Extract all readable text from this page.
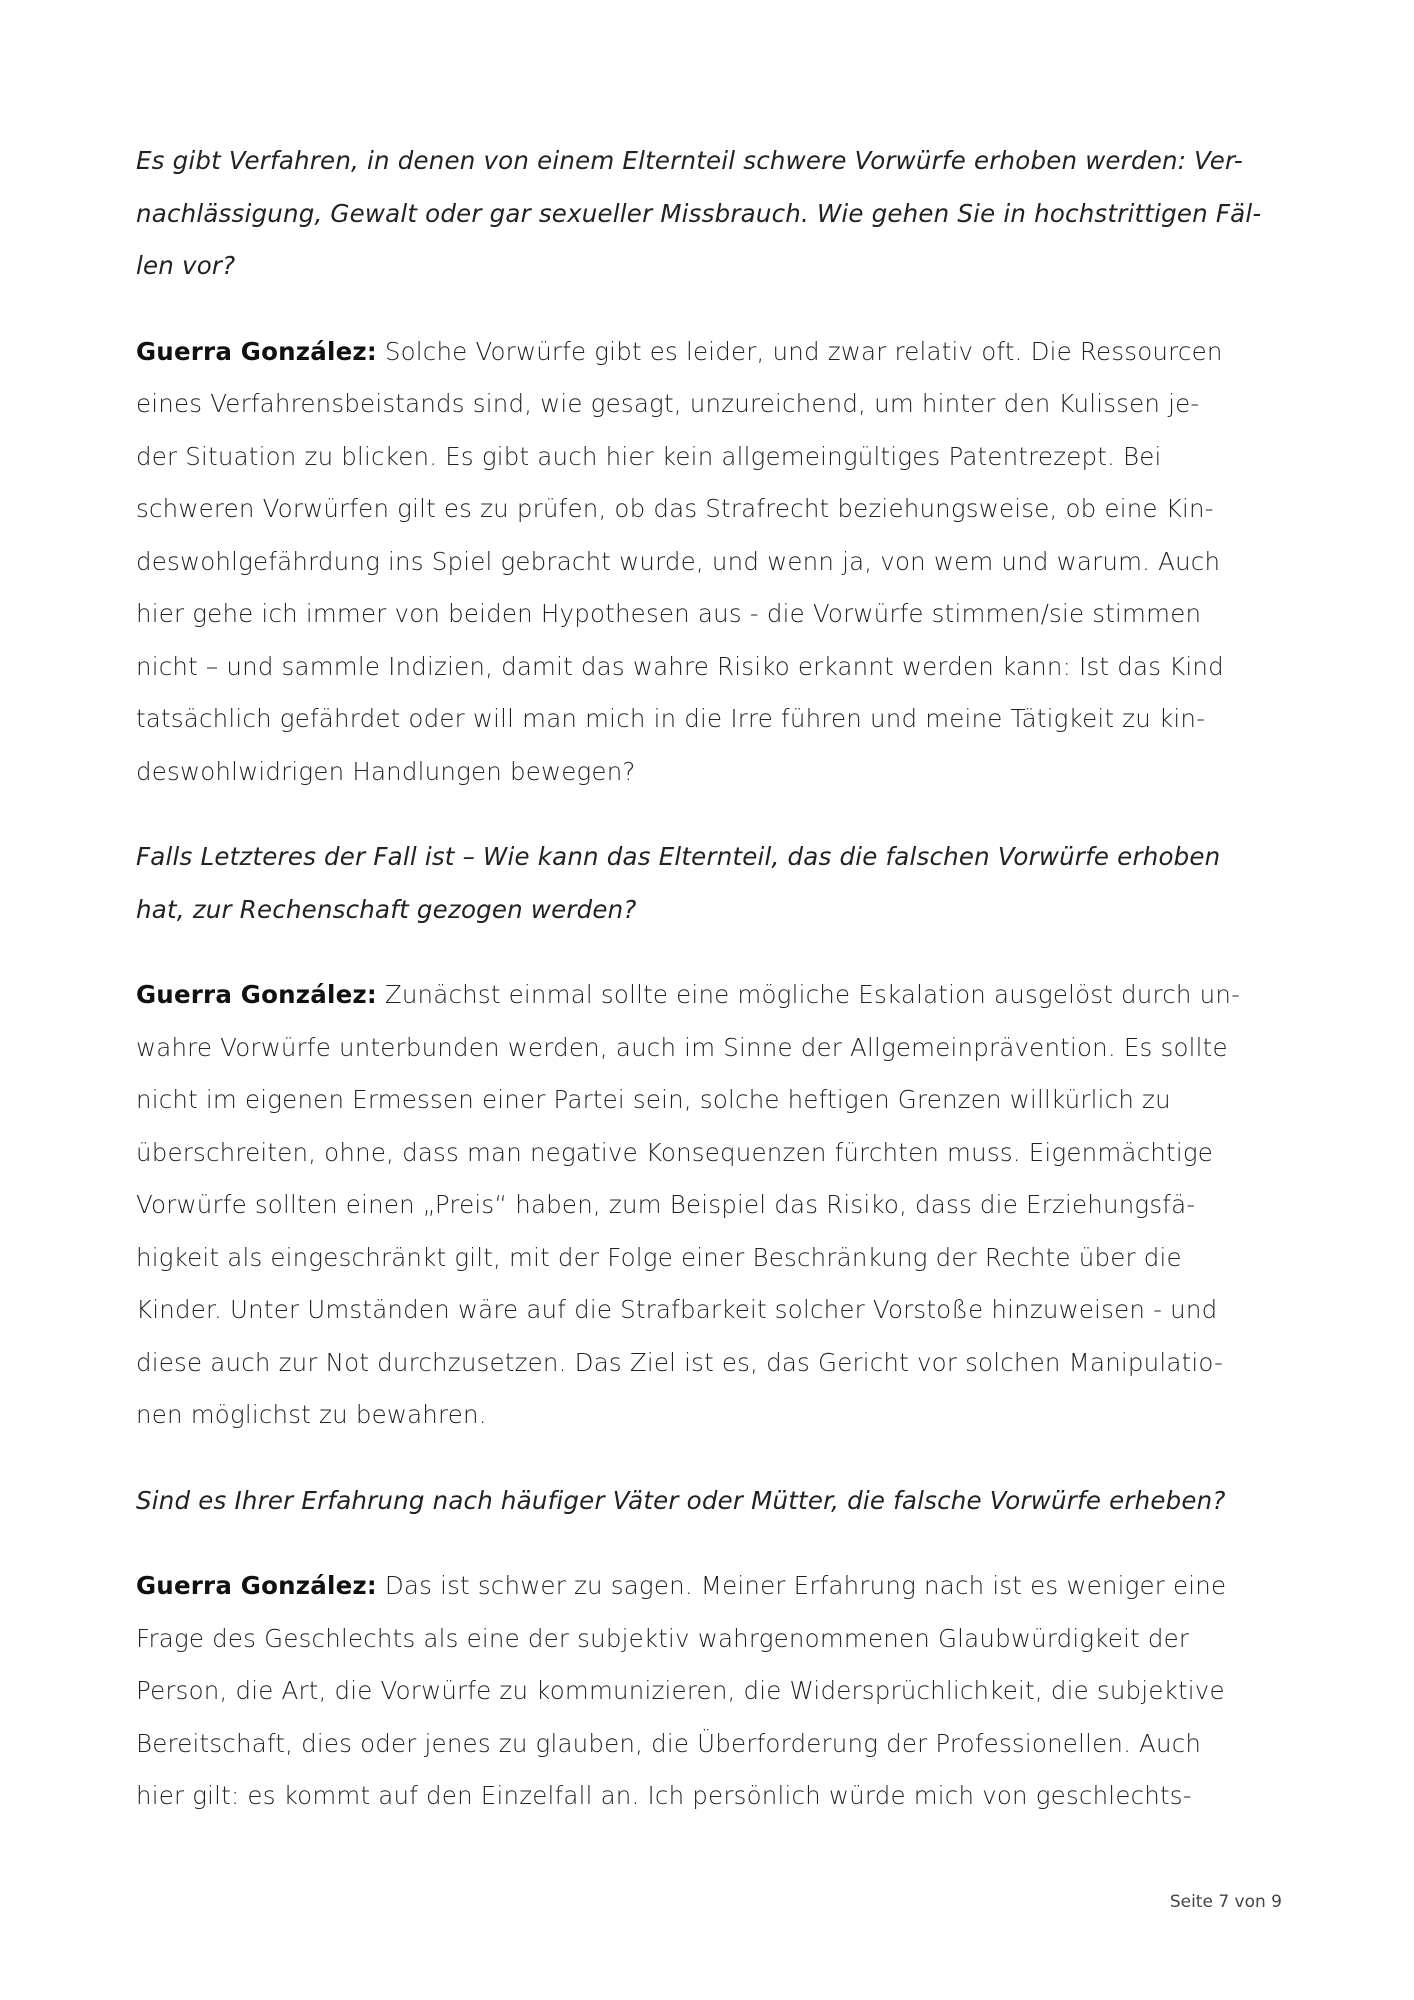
Es gibt Verfahren, in denen von einem Elternteil schwere Vorwürfe erhoben werden: Ver-
nachlässigung, Gewalt oder gar sexueller Missbrauch. Wie gehen Sie in hochstrittigen Fäl-
len vor?

Guerra González: Solche Vorwürfe gibt es leider, und zwar relativ oft. Die Ressourcen
eines Verfahrensbeistands sind, wie gesagt, unzureichend, um hinter den Kulissen je-
der Situation zu blicken. Es gibt auch hier kein allgemeingültiges Patentrezept. Bei
schweren Vorwürfen gilt es zu prüfen, ob das Strafrecht beziehungsweise, ob eine Kin-
deswohlgefährdung ins Spiel gebracht wurde, und wenn ja, von wem und warum. Auch
hier gehe ich immer von beiden Hypothesen aus - die Vorwürfe stimmen/sie stimmen
nicht – und sammle Indizien, damit das wahre Risiko erkannt werden kann: Ist das Kind
tatsächlich gefährdet oder will man mich in die Irre führen und meine Tätigkeit zu kin-
deswohlwidrigen Handlungen bewegen?

Falls Letzteres der Fall ist – Wie kann das Elternteil, das die falschen Vorwürfe erhoben
hat, zur Rechenschaft gezogen werden?

Guerra González: Zunächst einmal sollte eine mögliche Eskalation ausgelöst durch un-
wahre Vorwürfe unterbunden werden, auch im Sinne der Allgemeinprävention. Es sollte
nicht im eigenen Ermessen einer Partei sein, solche heftigen Grenzen willkürlich zu
überschreiten, ohne, dass man negative Konsequenzen fürchten muss. Eigenmächtige
Vorwürfe sollten einen „Preis“ haben, zum Beispiel das Risiko, dass die Erziehungsfä-
higkeit als eingeschränkt gilt, mit der Folge einer Beschränkung der Rechte über die
Kinder. Unter Umständen wäre auf die Strafbarkeit solcher Vorstoße hinzuweisen - und
diese auch zur Not durchzusetzen. Das Ziel ist es, das Gericht vor solchen Manipulatio-
nen möglichst zu bewahren.

Sind es Ihrer Erfahrung nach häufiger Väter oder Mütter, die falsche Vorwürfe erheben?

Guerra González: Das ist schwer zu sagen. Meiner Erfahrung nach ist es weniger eine
Frage des Geschlechts als eine der subjektiv wahrgenommenen Glaubwürdigkeit der
Person, die Art, die Vorwürfe zu kommunizieren, die Widersprüchlichkeit, die subjektive
Bereitschaft, dies oder jenes zu glauben, die Überforderung der Professionellen. Auch
hier gilt: es kommt auf den Einzelfall an. Ich persönlich würde mich von geschlechts-

Seite 7 von 9
